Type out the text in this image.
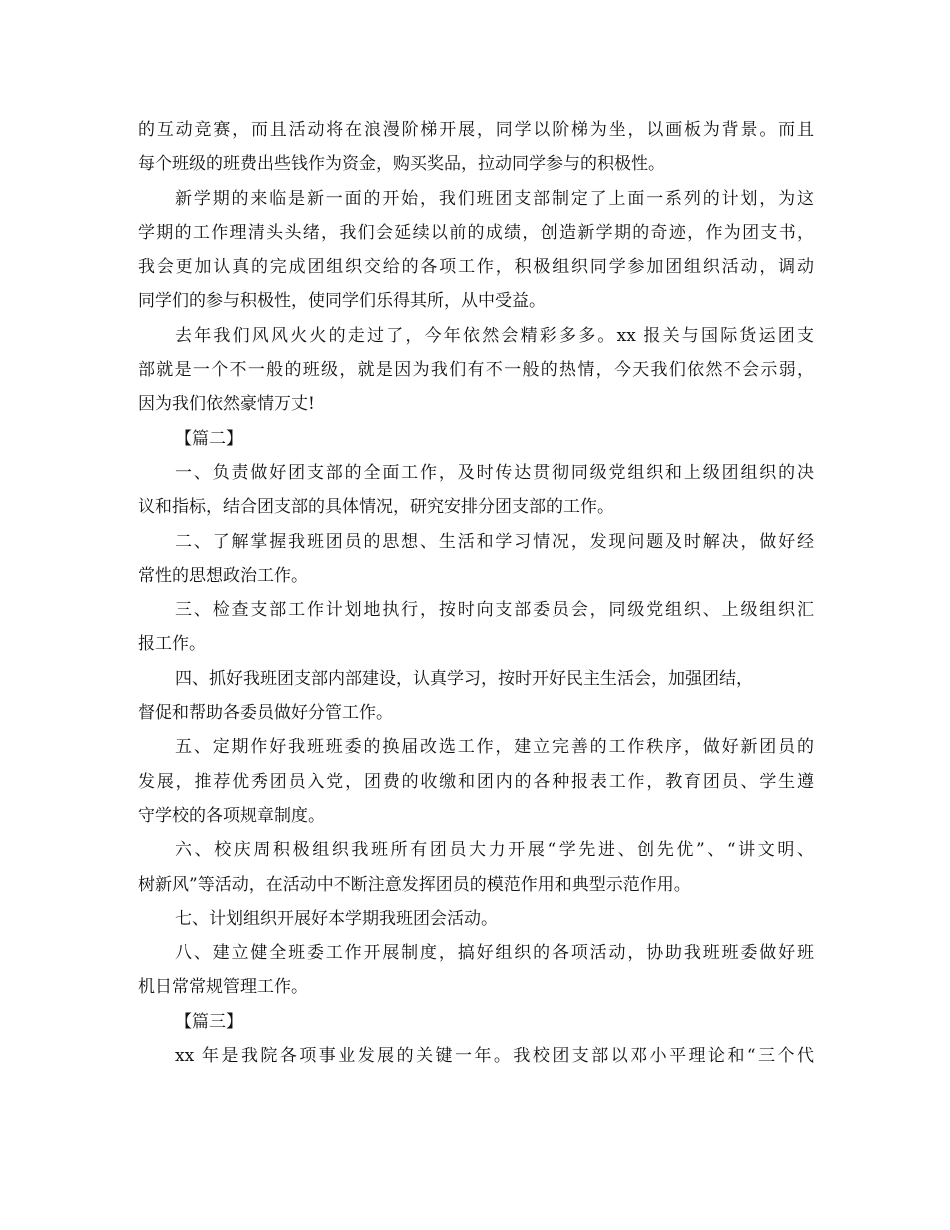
的互动竞赛，而且活动将在浪漫阶梯开展，同学以阶梯为坐，以画板为背景。而且
每个班级的班费出些钱作为资金，购买奖品，拉动同学参与的积极性。
新学期的来临是新一面的开始，我们班团支部制定了上面一系列的计划，为这
学期的工作理清头头绪，我们会延续以前的成绩，创造新学期的奇迹，作为团支书，
我会更加认真的完成团组织交给的各项工作，积极组织同学参加团组织活动，调动
同学们的参与积极性，使同学们乐得其所，从中受益。
去年我们风风火火的走过了，今年依然会精彩多多。xx 报关与国际货运团支
部就是一个不一般的班级，就是因为我们有不一般的热情，今天我们依然不会示弱，
因为我们依然豪情万丈!
【篇二】
一、负责做好团支部的全面工作，及时传达贯彻同级党组织和上级团组织的决
议和指标，结合团支部的具体情况，研究安排分团支部的工作。
二、了解掌握我班团员的思想、生活和学习情况，发现问题及时解决，做好经
常性的思想政治工作。
三、检查支部工作计划地执行，按时向支部委员会，同级党组织、上级组织汇
报工作。
四、抓好我班团支部内部建设，认真学习，按时开好民主生活会，加强团结，
督促和帮助各委员做好分管工作。
五、定期作好我班班委的换届改选工作，建立完善的工作秩序，做好新团员的
发展，推荐优秀团员入党，团费的收缴和团内的各种报表工作，教育团员、学生遵
守学校的各项规章制度。
六、校庆周积极组织我班所有团员大力开展“学先进、创先优”、“讲文明、
树新风”等活动，在活动中不断注意发挥团员的模范作用和典型示范作用。
七、计划组织开展好本学期我班团会活动。
八、建立健全班委工作开展制度，搞好组织的各项活动，协助我班班委做好班
机日常常规管理工作。
【篇三】
xx 年是我院各项事业发展的关键一年。我校团支部以邓小平理论和“三个代
